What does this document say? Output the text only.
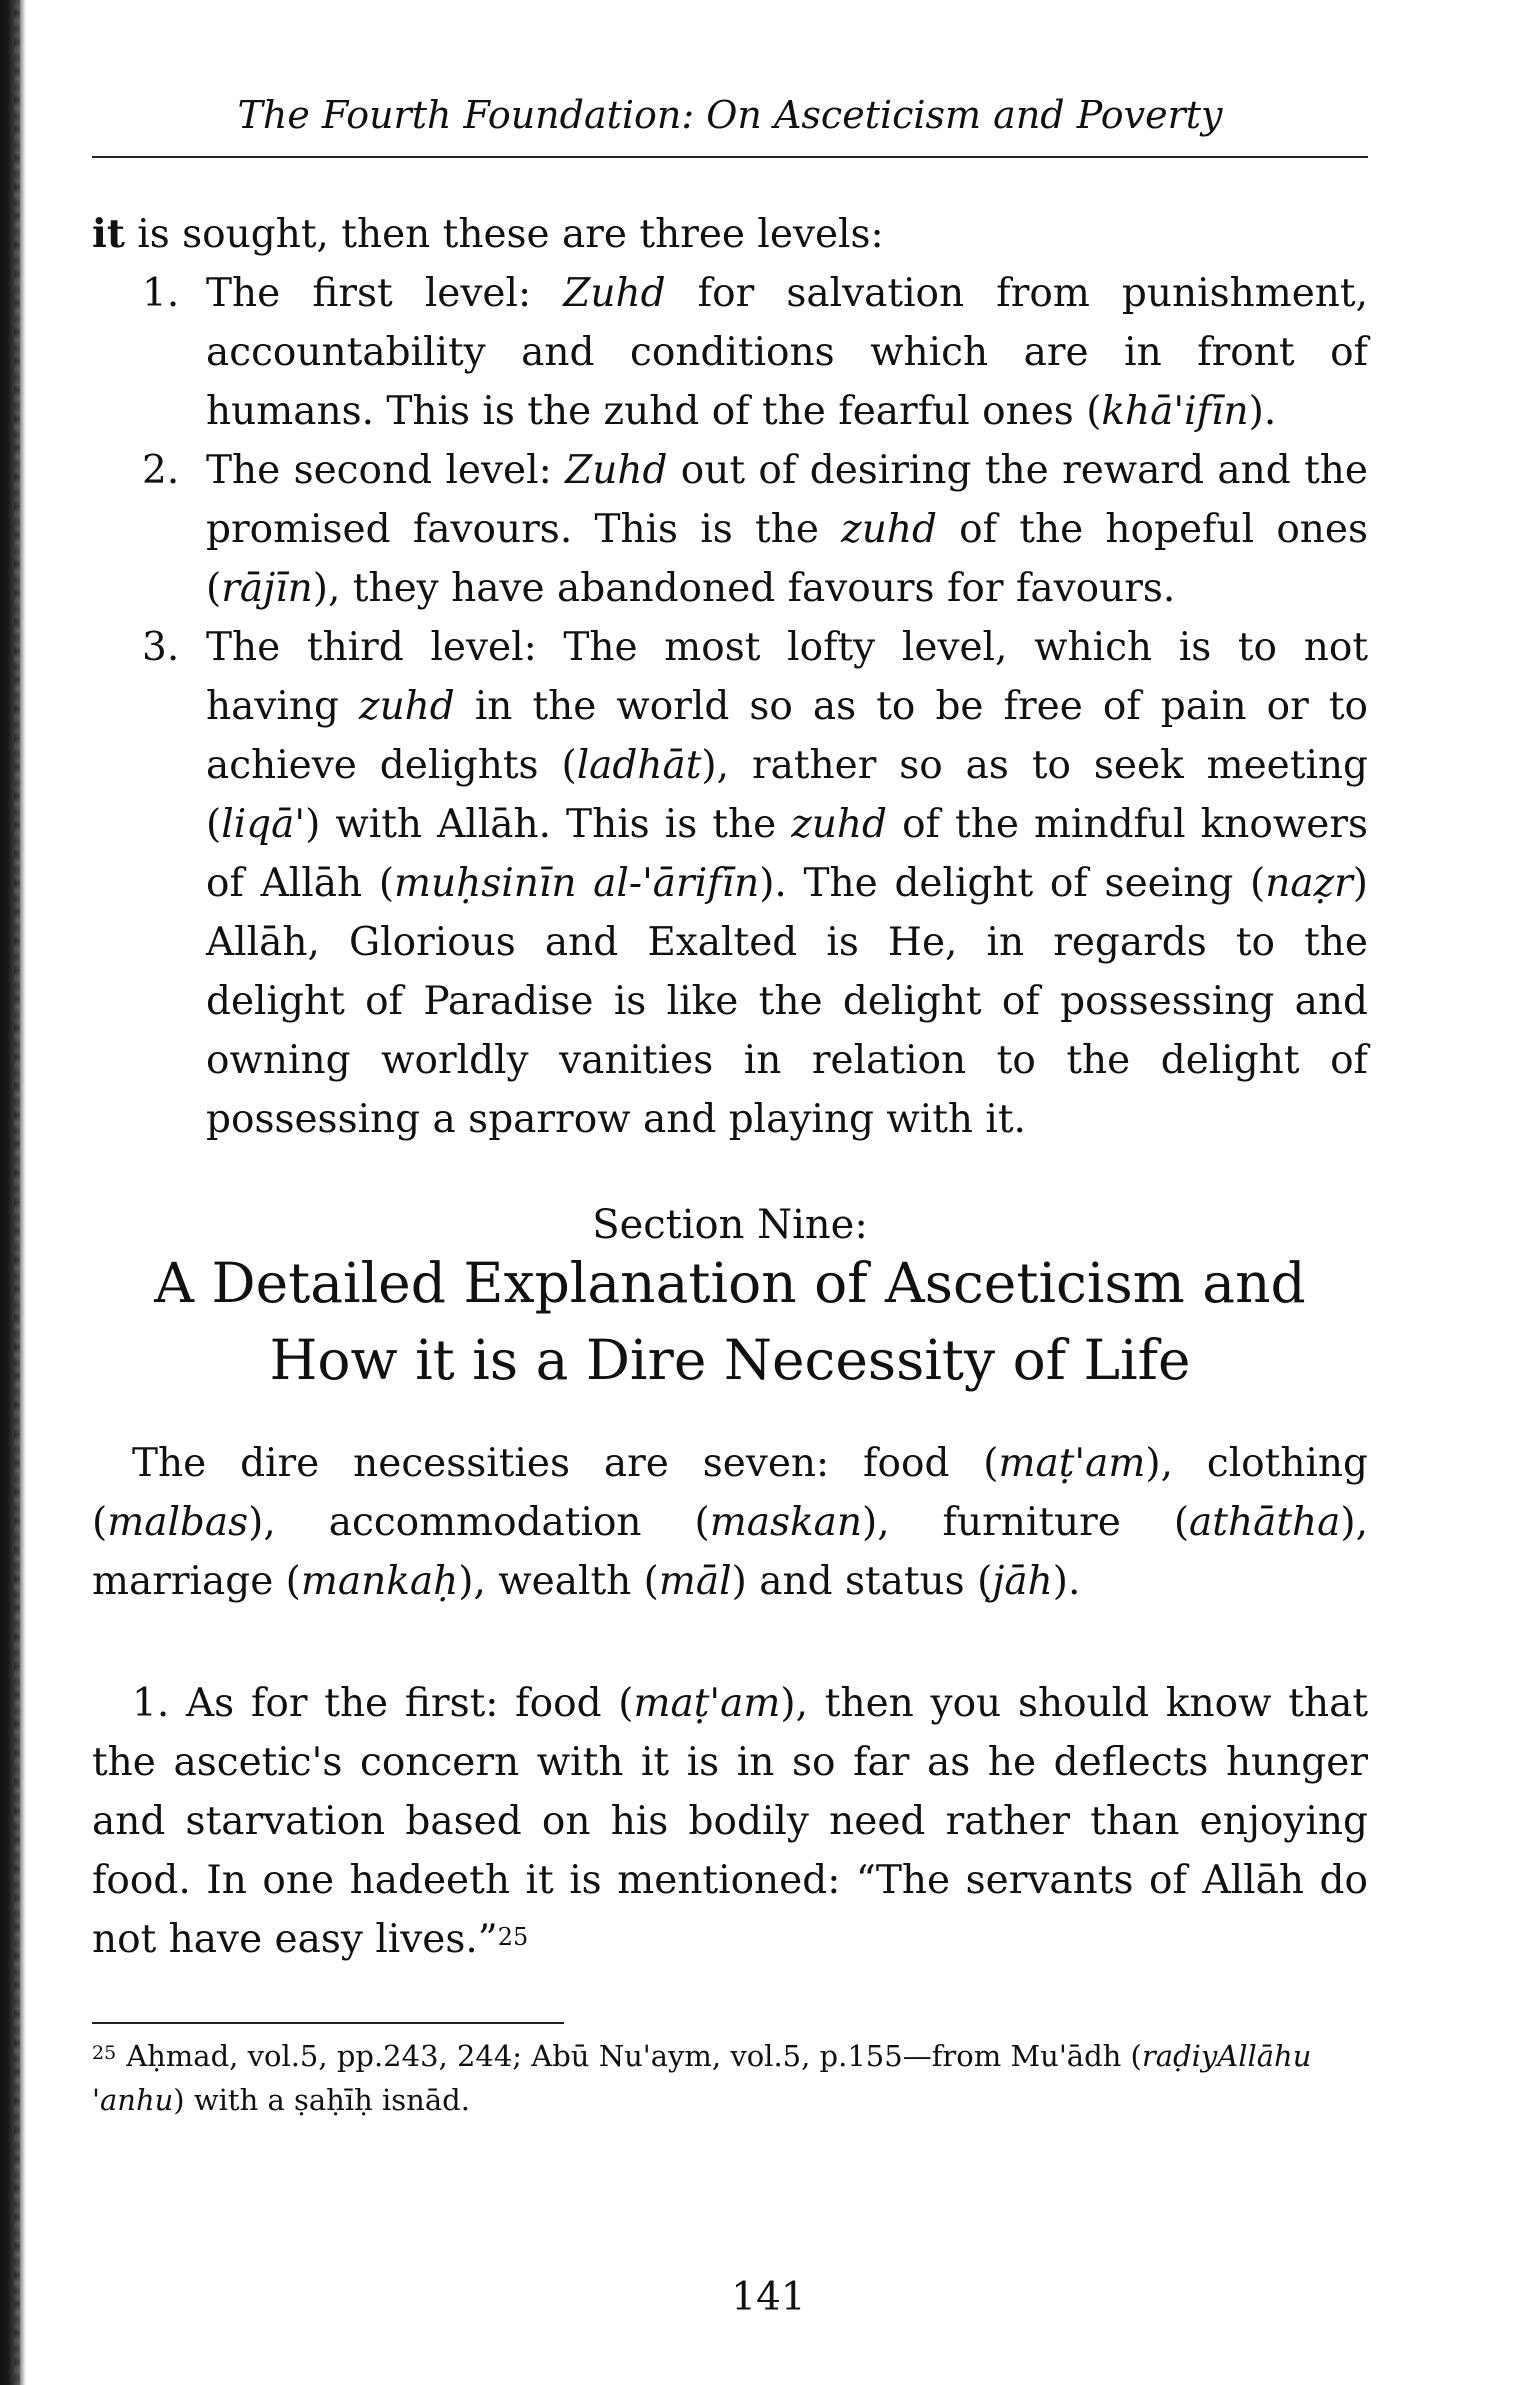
The Fourth Foundation: On Asceticism and Poverty

it is sought, then these are three levels:

1. The first level: Zuhd for salvation from punishment, accountability and conditions which are in front of humans. This is the zuhd of the fearful ones (khā'ifīn).
2. The second level: Zuhd out of desiring the reward and the promised favours. This is the zuhd of the hopeful ones (rājīn), they have abandoned favours for favours.
3. The third level: The most lofty level, which is to not having zuhd in the world so as to be free of pain or to achieve delights (ladhāt), rather so as to seek meeting (liqā') with Allāh. This is the zuhd of the mindful knowers of Allāh (muḥsinīn al-'ārifīn). The delight of seeing (naẓr) Allāh, Glorious and Exalted is He, in regards to the delight of Paradise is like the delight of possessing and owning worldly vanities in relation to the delight of possessing a sparrow and playing with it.
Section Nine:
A Detailed Explanation of Asceticism and
How it is a Dire Necessity of Life

The dire necessities are seven: food (maṭ'am), clothing (malbas), accommodation (maskan), furniture (athātha), marriage (mankaḥ), wealth (māl) and status (jāh).

1. As for the first: food (maṭ'am), then you should know that the ascetic's concern with it is in so far as he deflects hunger and starvation based on his bodily need rather than enjoying food. In one hadeeth it is mentioned: “The servants of Allāh do not have easy lives.”$^{25}$

$^{25}$ Aḥmad, vol.5, pp.243, 244; Abū Nu'aym, vol.5, p.155—from Mu'ādh (raḍiyAllāhu 'anhu) with a ṣaḥīḥ isnād.

141
